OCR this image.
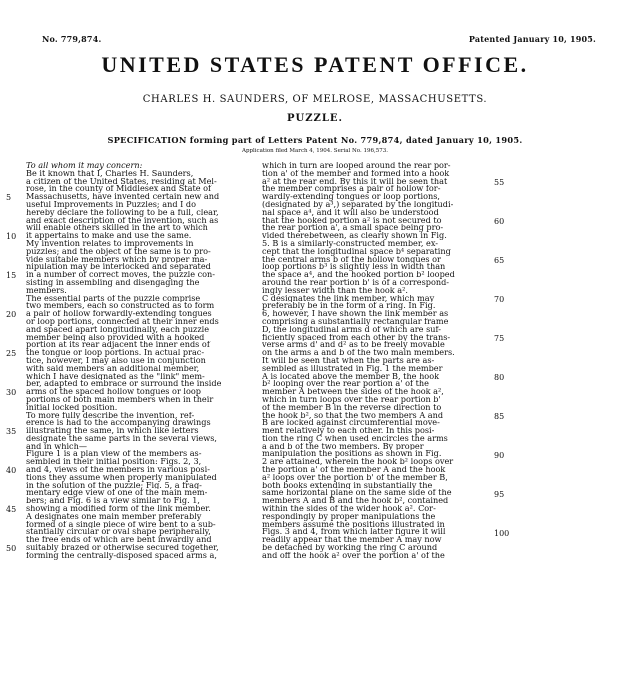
No. 779,874.	Patented January 10, 1905.
UNITED STATES PATENT OFFICE.
CHARLES H. SAUNDERS, OF MELROSE, MASSACHUSETTS.
PUZZLE.
SPECIFICATION forming part of Letters Patent No. 779,874, dated January 10, 1905.
Application filed March 4, 1904. Serial No. 196,573.
To all whom it may concern:
Be it known that I, Charles H. Saunders,
a citizen of the United States, residing at Mel-
rose, in the county of Middlesex and State of
Massachusetts, have invented certain new and
useful Improvements in Puzzles; and I do
hereby declare the following to be a full, clear,
and exact description of the invention, such as
will enable others skilled in the art to which
it appertains to make and use the same.
My invention relates to improvements in
puzzles; and the object of the same is to pro-
vide suitable members which by proper ma-
nipulation may be interlocked and separated
in a number of correct moves, the puzzle con-
sisting in assembling and disengaging the
members.
The essential parts of the puzzle comprise
two members, each so constructed as to form
a pair of hollow forwardly-extending tongues
or loop portions, connected at their inner ends
and spaced apart longitudinally, each puzzle
member being also provided with a hooked
portion at its rear adjacent the inner ends of
the tongue or loop portions. In actual prac-
tice, however, I may also use in conjunction
with said members an additional member,
which I have designated as the "link" mem-
ber, adapted to embrace or surround the inside
arms of the spaced hollow tongues or loop
portions of both main members when in their
initial locked position.
To more fully describe the invention, ref-
erence is had to the accompanying drawings
illustrating the same, in which like letters
designate the same parts in the several views,
and in which—
Figure 1 is a plan view of the members as-
sembled in their initial position: Figs. 2, 3,
and 4, views of the members in various posi-
tions they assume when properly manipulated
in the solution of the puzzle; Fig. 5, a frag-
mentary edge view of one of the main mem-
bers; and Fig. 6 is a view similar to Fig. 1,
showing a modified form of the link member.
A designates one main member preferably
formed of a single piece of wire bent to a sub-
stantially circular or oval shape peripherally,
the free ends of which are bent inwardly and
suitably brazed or otherwise secured together,
forming the centrally-disposed spaced arms a,
which in turn are looped around the rear por-
tion a' of the member and formed into a hook
a² at the rear end. By this it will be seen that
the member comprises a pair of hollow for-
wardly-extending tongues or loop portions,
(designated by a³,) separated by the longitudi-
nal space a⁴, and it will also be understood
that the hooked portion a² is not secured to
the rear portion a', a small space being pro-
vided therebetween, as clearly shown in Fig.
5. B is a similarly-constructed member, ex-
cept that the longitudinal space b⁴ separating
the central arms b of the hollow tongues or
loop portions b³ is slightly less in width than
the space a⁴, and the hooked portion b² looped
around the rear portion b' is of a correspond-
ingly lesser width than the hook a².
C designates the link member, which may
preferably be in the form of a ring. In Fig.
6, however, I have shown the link member as
comprising a substantially rectangular frame
D, the longitudinal arms d of which are suf-
ficiently spaced from each other by the trans-
verse arms d' and d² as to be freely movable
on the arms a and b of the two main members.
It will be seen that when the parts are as-
sembled as illustrated in Fig. 1 the member
A is located above the member B, the hook
b² looping over the rear portion a' of the
member A between the sides of the hook a²,
which in turn loops over the rear portion b'
of the member B in the reverse direction to
the hook b², so that the two members A and
B are locked against circumferential move-
ment relatively to each other. In this posi-
tion the ring C when used encircles the arms
a and b of the two members. By proper
manipulation the positions as shown in Fig.
2 are attained, wherein the hook b² loops over
the portion a' of the member A and the hook
a² loops over the portion b' of the member B,
both books extending in substantially the
same horizontal plane on the same side of the
members A and B and the hook b², contained
within the sides of the wider hook a². Cor-
respondingly by proper manipulations the
members assume the positions illustrated in
Figs. 3 and 4, from which latter figure it will
readily appear that the member A may now
be detached by working the ring C around
and off the hook a² over the portion a' of the
5
10
15
20
25
30
35
40
45
50
55
60
65
70
75
80
85
90
95
100
